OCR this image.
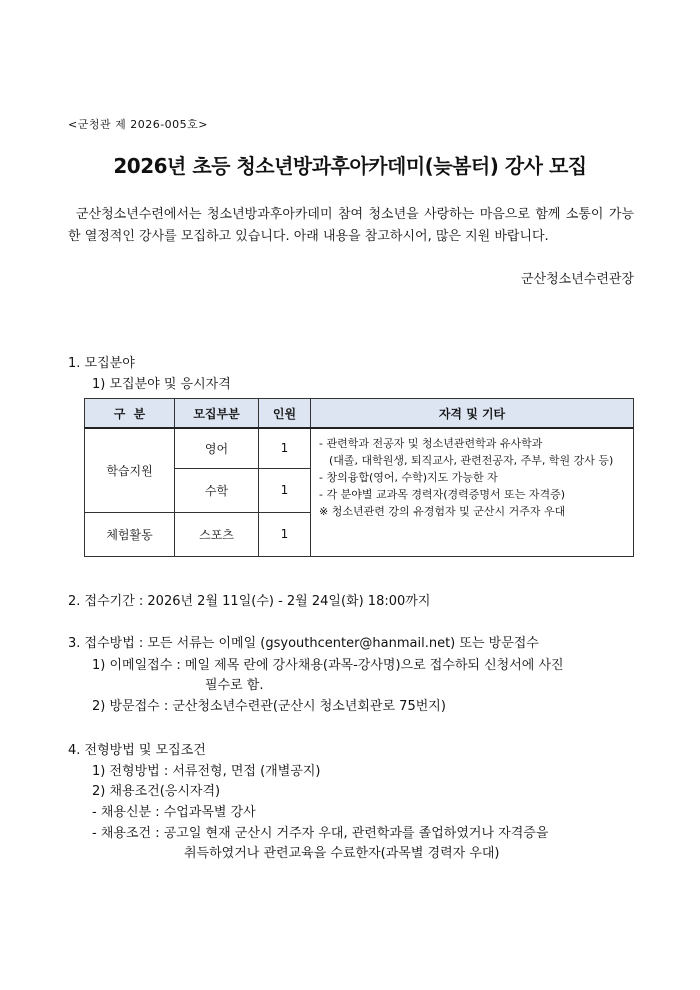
<군청관 제 2026-005호>
2026년 초등 청소년방과후아카데미(늦봄터) 강사 모집
군산청소년수련에서는 청소년방과후아카데미 참여 청소년을 사랑하는 마음으로 함께 소통이 가능한 열정적인 강사를 모집하고 있습니다. 아래 내용을 참고하시어, 많은 지원 바랍니다.
군산청소년수련관장
1. 모집분야
1) 모집분야 및 응시자격
구  분	모집부분	인원	자격 및 기타
학습지원	영어	1	- 관련학과 전공자 및 청소년관련학과 유사학과
(대졸, 대학원생, 퇴직교사, 관련전공자, 주부, 학원 강사 등)
- 창의융합(영어, 수학)지도 가능한 자
- 각 분야별 교과목 경력자(경력증명서 또는 자격증)
※ 청소년관련 강의 유경험자 및 군산시 거주자 우대

	수학	1	
체험활동	스포츠	1	
2. 접수기간 : 2026년 2월 11일(수) - 2월 24일(화) 18:00까지
3. 접수방법 : 모든 서류는 이메일 (gsyouthcenter@hanmail.net) 또는 방문접수
1) 이메일접수 : 메일 제목 란에 강사채용(과목-강사명)으로 접수하되 신청서에 사진
필수로 함.
2) 방문접수 : 군산청소년수련관(군산시 청소년회관로 75번지)
4. 전형방법 및 모집조건
1) 전형방법 : 서류전형, 면접 (개별공지)
2) 채용조건(응시자격)
- 채용신분 : 수업과목별 강사
- 채용조건 : 공고일 현재 군산시 거주자 우대, 관련학과를 졸업하였거나 자격증을
취득하였거나 관련교육을 수료한자(과목별 경력자 우대)
